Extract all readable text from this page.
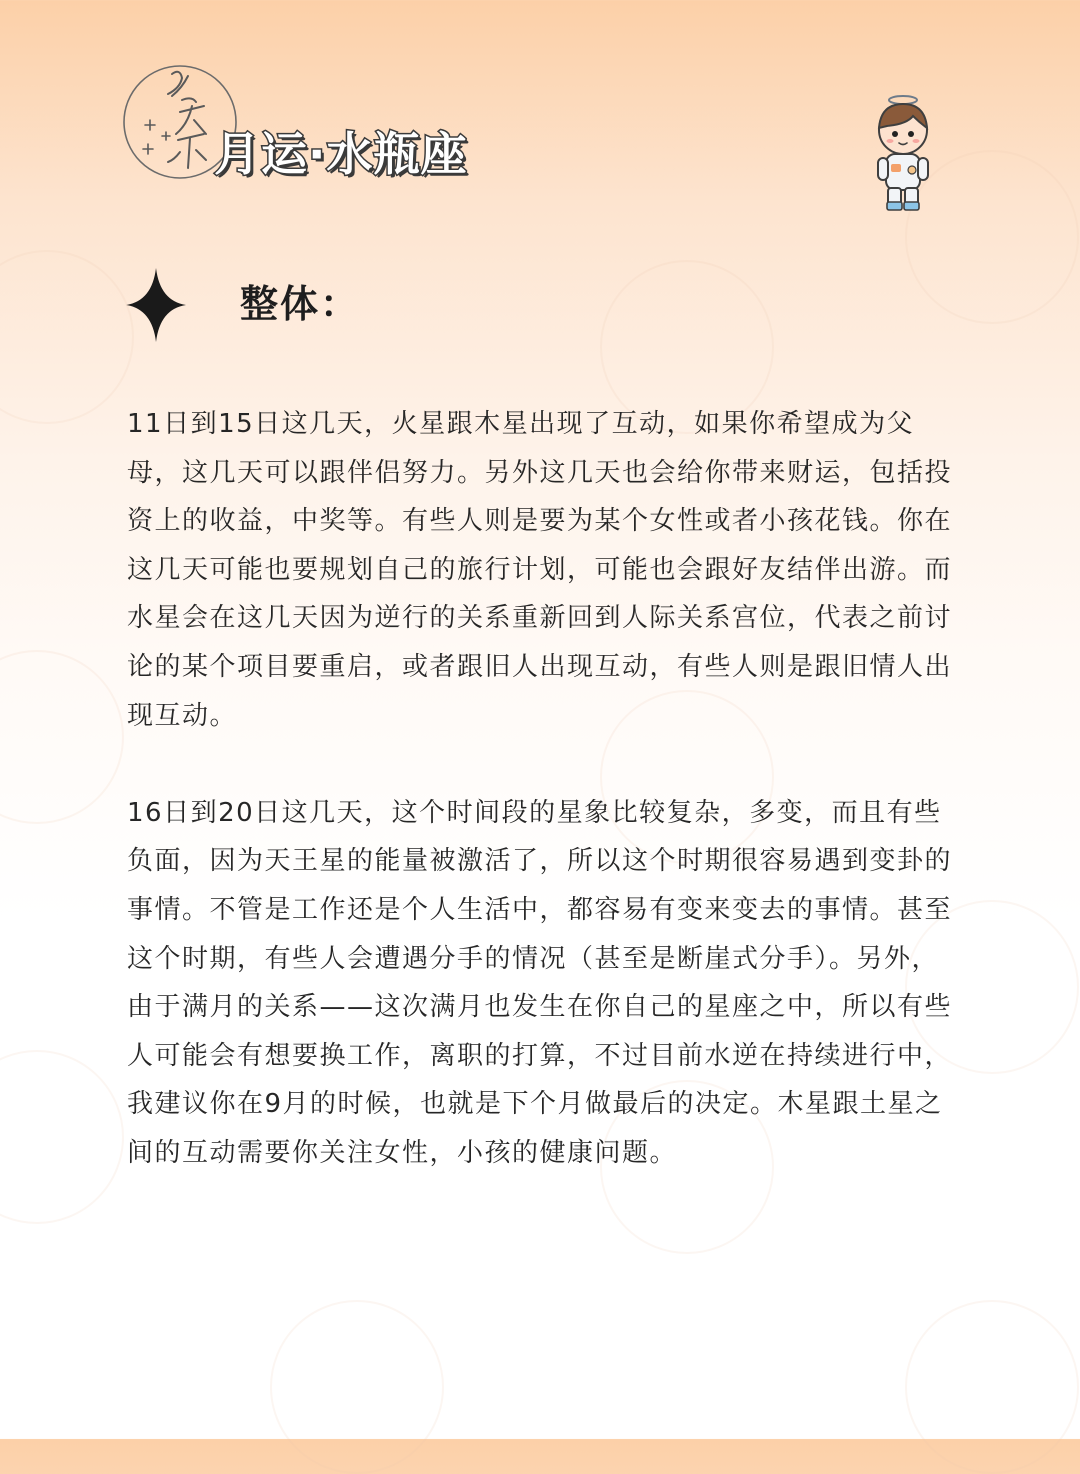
月运·水瓶座
整体：

11日到15日这几天，火星跟木星出现了互动，如果你希望成为父母，这几天可以跟伴侣努力。另外这几天也会给你带来财运，包括投资上的收益，中奖等。有些人则是要为某个女性或者小孩花钱。你在这几天可能也要规划自己的旅行计划，可能也会跟好友结伴出游。而水星会在这几天因为逆行的关系重新回到人际关系宫位，代表之前讨论的某个项目要重启，或者跟旧人出现互动，有些人则是跟旧情人出现互动。

16日到20日这几天，这个时间段的星象比较复杂，多变，而且有些负面，因为天王星的能量被激活了，所以这个时期很容易遇到变卦的事情。不管是工作还是个人生活中，都容易有变来变去的事情。甚至这个时期，有些人会遭遇分手的情况（甚至是断崖式分手）。另外，由于满月的关系——这次满月也发生在你自己的星座之中，所以有些人可能会有想要换工作，离职的打算，不过目前水逆在持续进行中，我建议你在9月的时候，也就是下个月做最后的决定。木星跟土星之间的互动需要你关注女性，小孩的健康问题。
